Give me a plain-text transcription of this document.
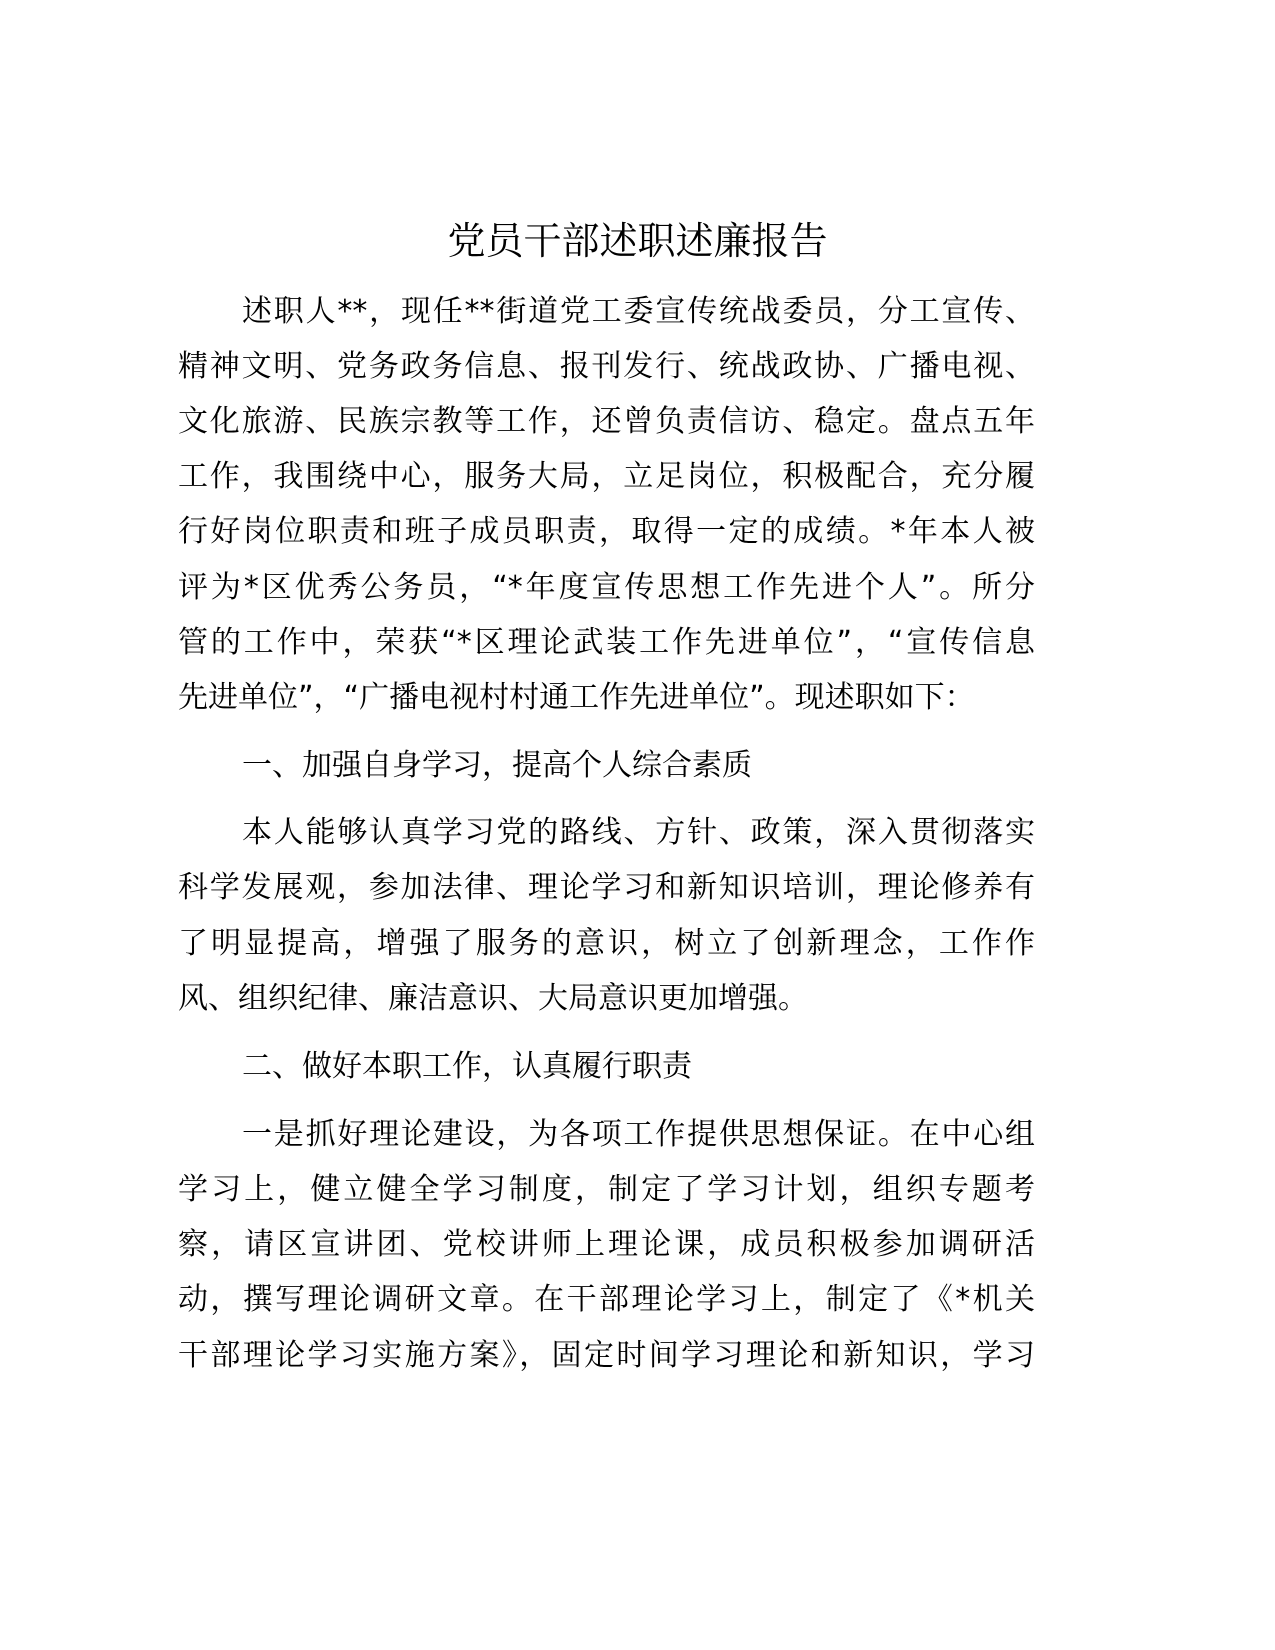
党员干部述职述廉报告
述职人**，现任**街道党工委宣传统战委员，分工宣传、
精神文明、党务政务信息、报刊发行、统战政协、广播电视、
文化旅游、民族宗教等工作，还曾负责信访、稳定。盘点五年
工作，我围绕中心，服务大局，立足岗位，积极配合，充分履
行好岗位职责和班子成员职责，取得一定的成绩。*年本人被
评为*区优秀公务员，“*年度宣传思想工作先进个人”。所分
管的工作中，荣获“*区理论武装工作先进单位”，“宣传信息
先进单位”，“广播电视村村通工作先进单位”。现述职如下：
一、加强自身学习，提高个人综合素质
本人能够认真学习党的路线、方针、政策，深入贯彻落实
科学发展观，参加法律、理论学习和新知识培训，理论修养有
了明显提高，增强了服务的意识，树立了创新理念，工作作
风、组织纪律、廉洁意识、大局意识更加增强。
二、做好本职工作，认真履行职责
一是抓好理论建设，为各项工作提供思想保证。在中心组
学习上，健立健全学习制度，制定了学习计划，组织专题考
察，请区宣讲团、党校讲师上理论课，成员积极参加调研活
动，撰写理论调研文章。在干部理论学习上，制定了《*机关
干部理论学习实施方案》，固定时间学习理论和新知识，学习
